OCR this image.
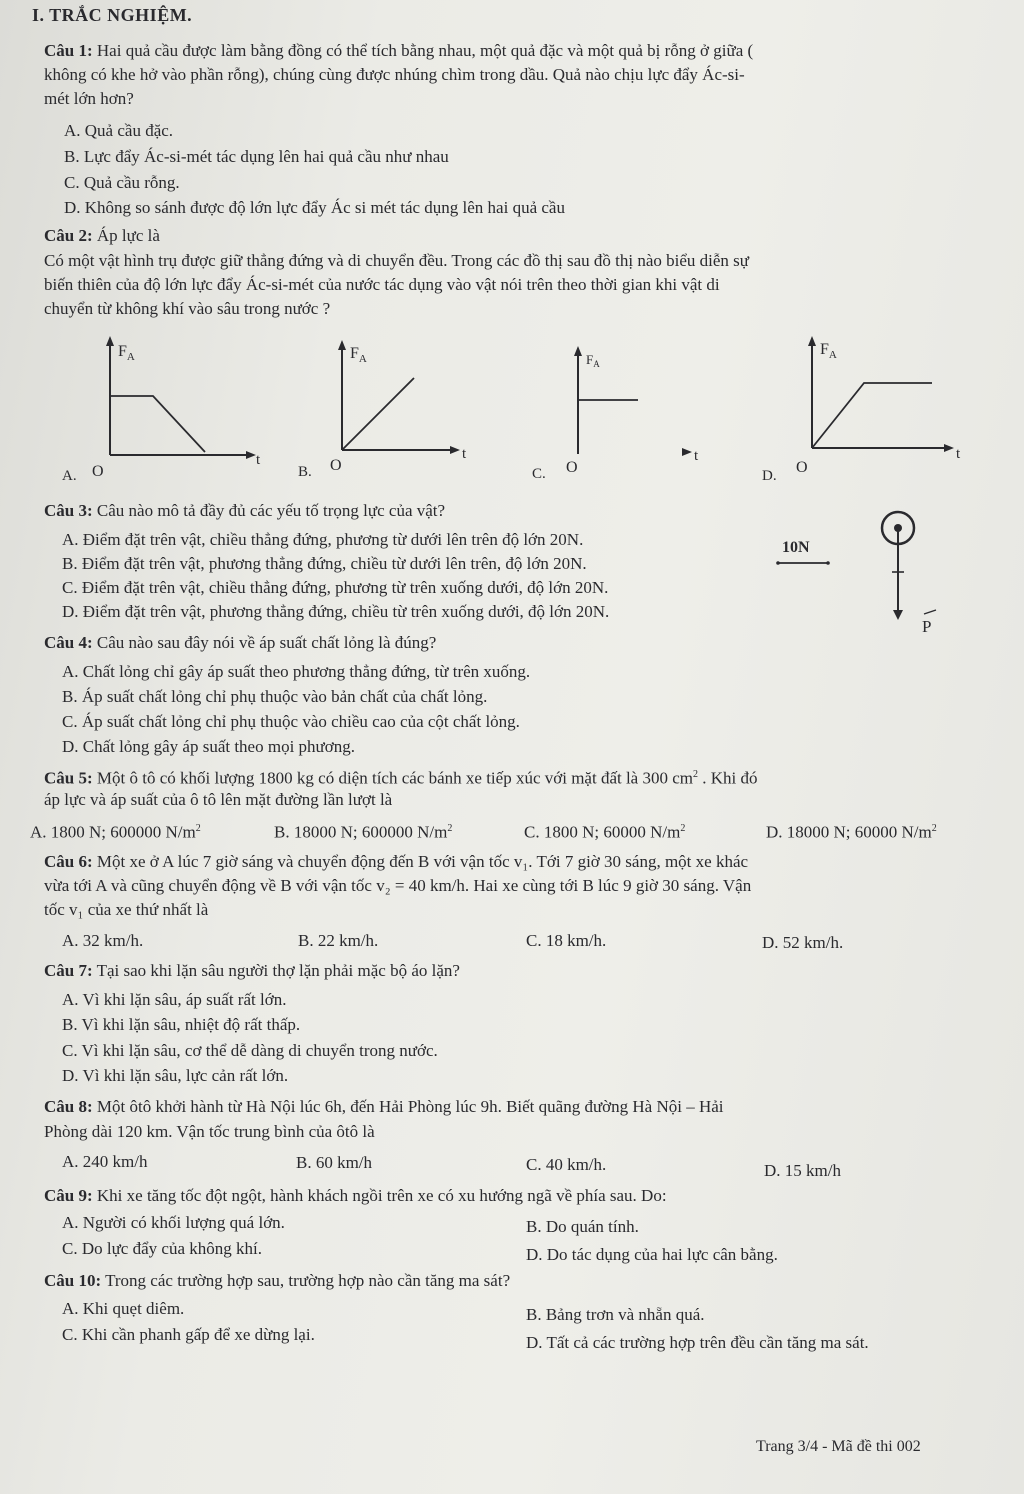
I. TRẮC NGHIỆM.
Câu 1: Hai quả cầu được làm bằng đồng có thể tích bằng nhau, một quả đặc và một quả bị rỗng ở giữa (
không có khe hở vào phần rỗng), chúng cùng được nhúng chìm trong dầu. Quả nào chịu lực đẩy Ác-si-
mét lớn hơn?
A. Quả cầu đặc.
B. Lực đẩy Ác-si-mét tác dụng lên hai quả cầu như nhau
C. Quả cầu rỗng.
D. Không so sánh được độ lớn lực đẩy Ác si mét tác dụng lên hai quả cầu
Câu 2: Áp lực là
Có một vật hình trụ được giữ thẳng đứng và di chuyển đều. Trong các đồ thị sau đồ thị nào biểu diễn sự
biến thiên của độ lớn lực đẩy Ác-si-mét của nước tác dụng vào vật nói trên theo thời gian khi vật di
chuyển từ không khí vào sâu trong nước ?
$F_A$
t
O
A.
$F_A$
t
O
B.
$F_A$
t
O
C.
$F_A$
t
O
D.
Câu 3: Câu nào mô tả đầy đủ các yếu tố trọng lực của vật?
A. Điểm đặt trên vật, chiều thẳng đứng, phương từ dưới lên trên độ lớn 20N.
B. Điểm đặt trên vật, phương thẳng đứng, chiều từ dưới lên trên, độ lớn 20N.
C. Điểm đặt trên vật, chiều thẳng đứng, phương từ trên xuống dưới, độ lớn 20N.
D. Điểm đặt trên vật, phương thẳng đứng, chiều từ trên xuống dưới, độ lớn 20N.
10N
P
Câu 4: Câu nào sau đây nói về áp suất chất lỏng là đúng?
A. Chất lỏng chỉ gây áp suất theo phương thẳng đứng, từ trên xuống.
B. Áp suất chất lỏng chỉ phụ thuộc vào bản chất của chất lỏng.
C. Áp suất chất lỏng chỉ phụ thuộc vào chiều cao của cột chất lỏng.
D. Chất lỏng gây áp suất theo mọi phương.
Câu 5: Một ô tô có khối lượng 1800 kg có diện tích các bánh xe tiếp xúc với mặt đất là 300 $cm^2$ . Khi đó
áp lực và áp suất của ô tô lên mặt đường lần lượt là
A. 1800 N; 600000 $N/m^2$	B. 18000 N; 600000 $N/m^2$	C. 1800 N; 60000 $N/m^2$	D. 18000 N; 60000 $N/m^2$
Câu 6: Một xe ở A lúc 7 giờ sáng và chuyển động đến B với vận tốc v₁. Tới 7 giờ 30 sáng, một xe khác
vừa tới A và cũng chuyển động về B với vận tốc v₂ = 40 km/h. Hai xe cùng tới B lúc 9 giờ 30 sáng. Vận
tốc v₁ của xe thứ nhất là
A. 32 km/h.	B. 22 km/h.	C. 18 km/h.	D. 52 km/h.
Câu 7: Tại sao khi lặn sâu người thợ lặn phải mặc bộ áo lặn?
A. Vì khi lặn sâu, áp suất rất lớn.
B. Vì khi lặn sâu, nhiệt độ rất thấp.
C. Vì khi lặn sâu, cơ thể dễ dàng di chuyển trong nước.
D. Vì khi lặn sâu, lực cản rất lớn.
Câu 8: Một ôtô khởi hành từ Hà Nội lúc 6h, đến Hải Phòng lúc 9h. Biết quãng đường Hà Nội – Hải
Phòng dài 120 km. Vận tốc trung bình của ôtô là
A. 240 km/h	B. 60 km/h	C. 40 km/h.	D. 15 km/h
Câu 9: Khi xe tăng tốc đột ngột, hành khách ngồi trên xe có xu hướng ngã về phía sau. Do:
A. Người có khối lượng quá lớn.	B. Do quán tính.
C. Do lực đẩy của không khí.	D. Do tác dụng của hai lực cân bằng.
Câu 10: Trong các trường hợp sau, trường hợp nào cần tăng ma sát?
A. Khi quẹt diêm.	B. Bảng trơn và nhẵn quá.
C. Khi cần phanh gấp để xe dừng lại.	D. Tất cả các trường hợp trên đều cần tăng ma sát.
Trang 3/4 - Mã đề thi 002
